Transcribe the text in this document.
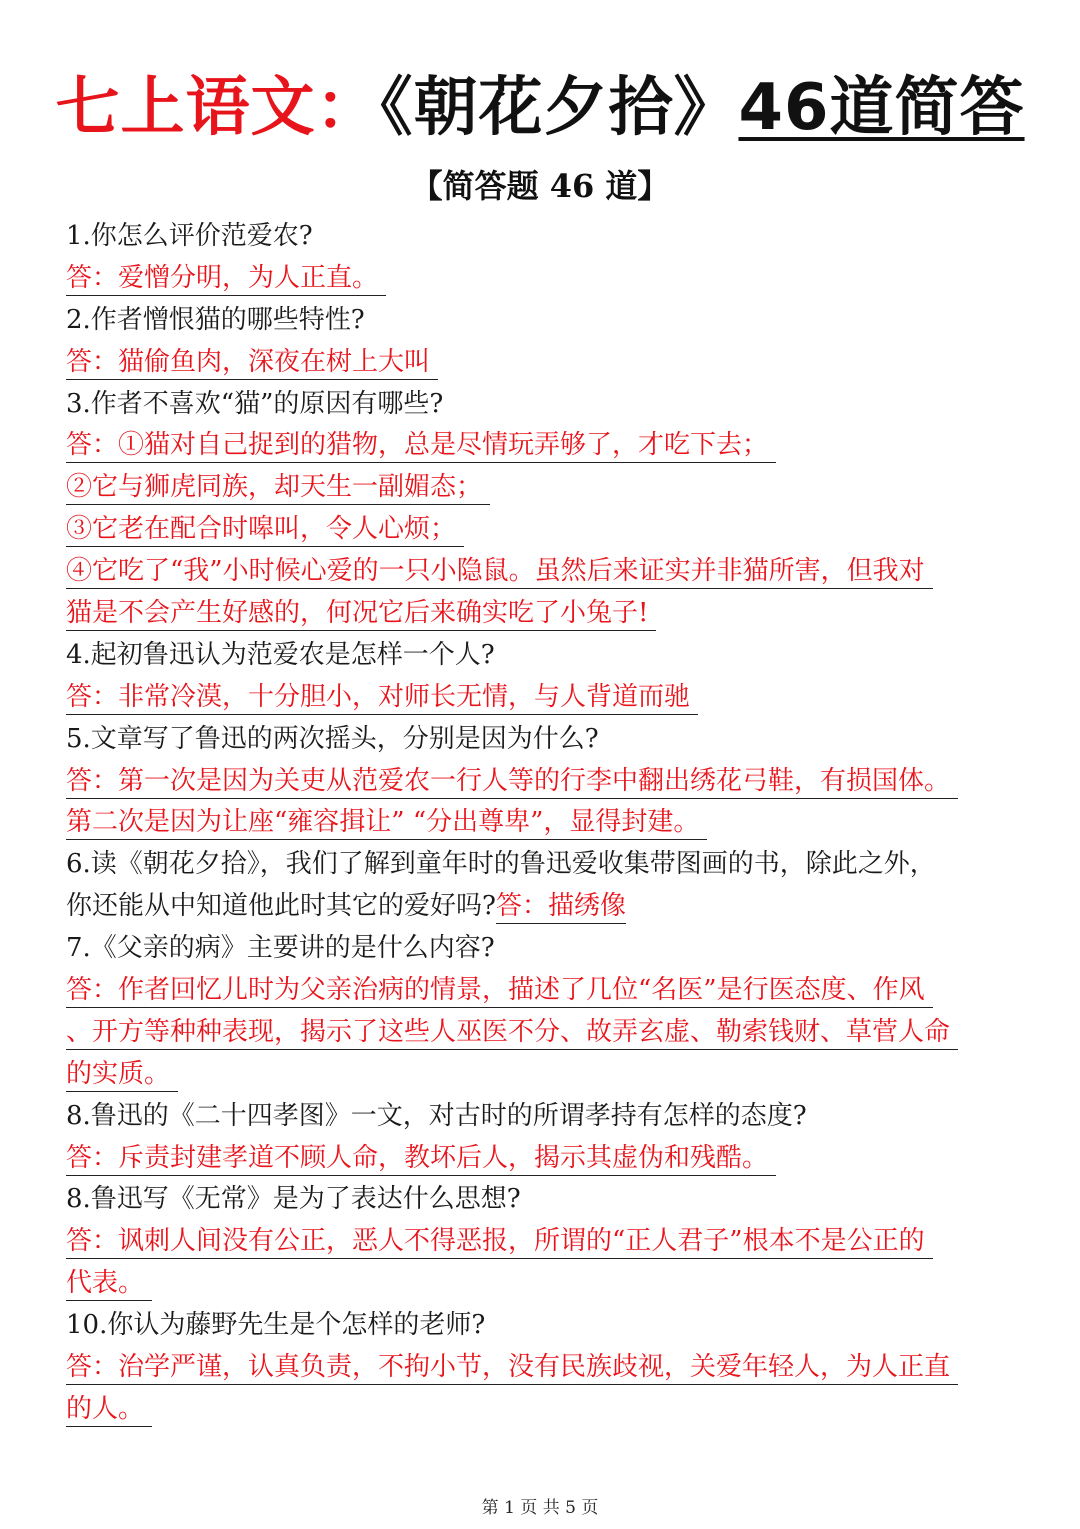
七上语文：《朝花夕拾》46道简答
【简答题 46 道】
1.你怎么评价范爱农?
答：爱憎分明，为人正直。
2.作者憎恨猫的哪些特性?
答：猫偷鱼肉，深夜在树上大叫
3.作者不喜欢“猫”的原因有哪些?
答：①猫对自己捉到的猎物，总是尽情玩弄够了，才吃下去；
②它与狮虎同族，却天生一副媚态；
③它老在配合时嗥叫，令人心烦；
④它吃了“我”小时候心爱的一只小隐鼠。虽然后来证实并非猫所害，但我对
猫是不会产生好感的，何况它后来确实吃了小兔子!
4.起初鲁迅认为范爱农是怎样一个人?
答：非常冷漠，十分胆小，对师长无情，与人背道而驰
5.文章写了鲁迅的两次摇头，分别是因为什么?
答：第一次是因为关吏从范爱农一行人等的行李中翻出绣花弓鞋，有损国体。
第二次是因为让座“雍容揖让” “分出尊卑”，显得封建。
6.读《朝花夕拾》，我们了解到童年时的鲁迅爱收集带图画的书，除此之外，
你还能从中知道他此时其它的爱好吗?答：描绣像
7.《父亲的病》主要讲的是什么内容?
答：作者回忆儿时为父亲治病的情景，描述了几位“名医”是行医态度、作风
、开方等种种表现，揭示了这些人巫医不分、故弄玄虚、勒索钱财、草菅人命
的实质。
8.鲁迅的《二十四孝图》一文，对古时的所谓孝持有怎样的态度?
答：斥责封建孝道不顾人命，教坏后人，揭示其虚伪和残酷。
8.鲁迅写《无常》是为了表达什么思想?
答：讽刺人间没有公正，恶人不得恶报，所谓的“正人君子”根本不是公正的
代表。
10.你认为藤野先生是个怎样的老师?
答：治学严谨，认真负责，不拘小节，没有民族歧视，关爱年轻人，为人正直
的人。
第 1 页 共 5 页
